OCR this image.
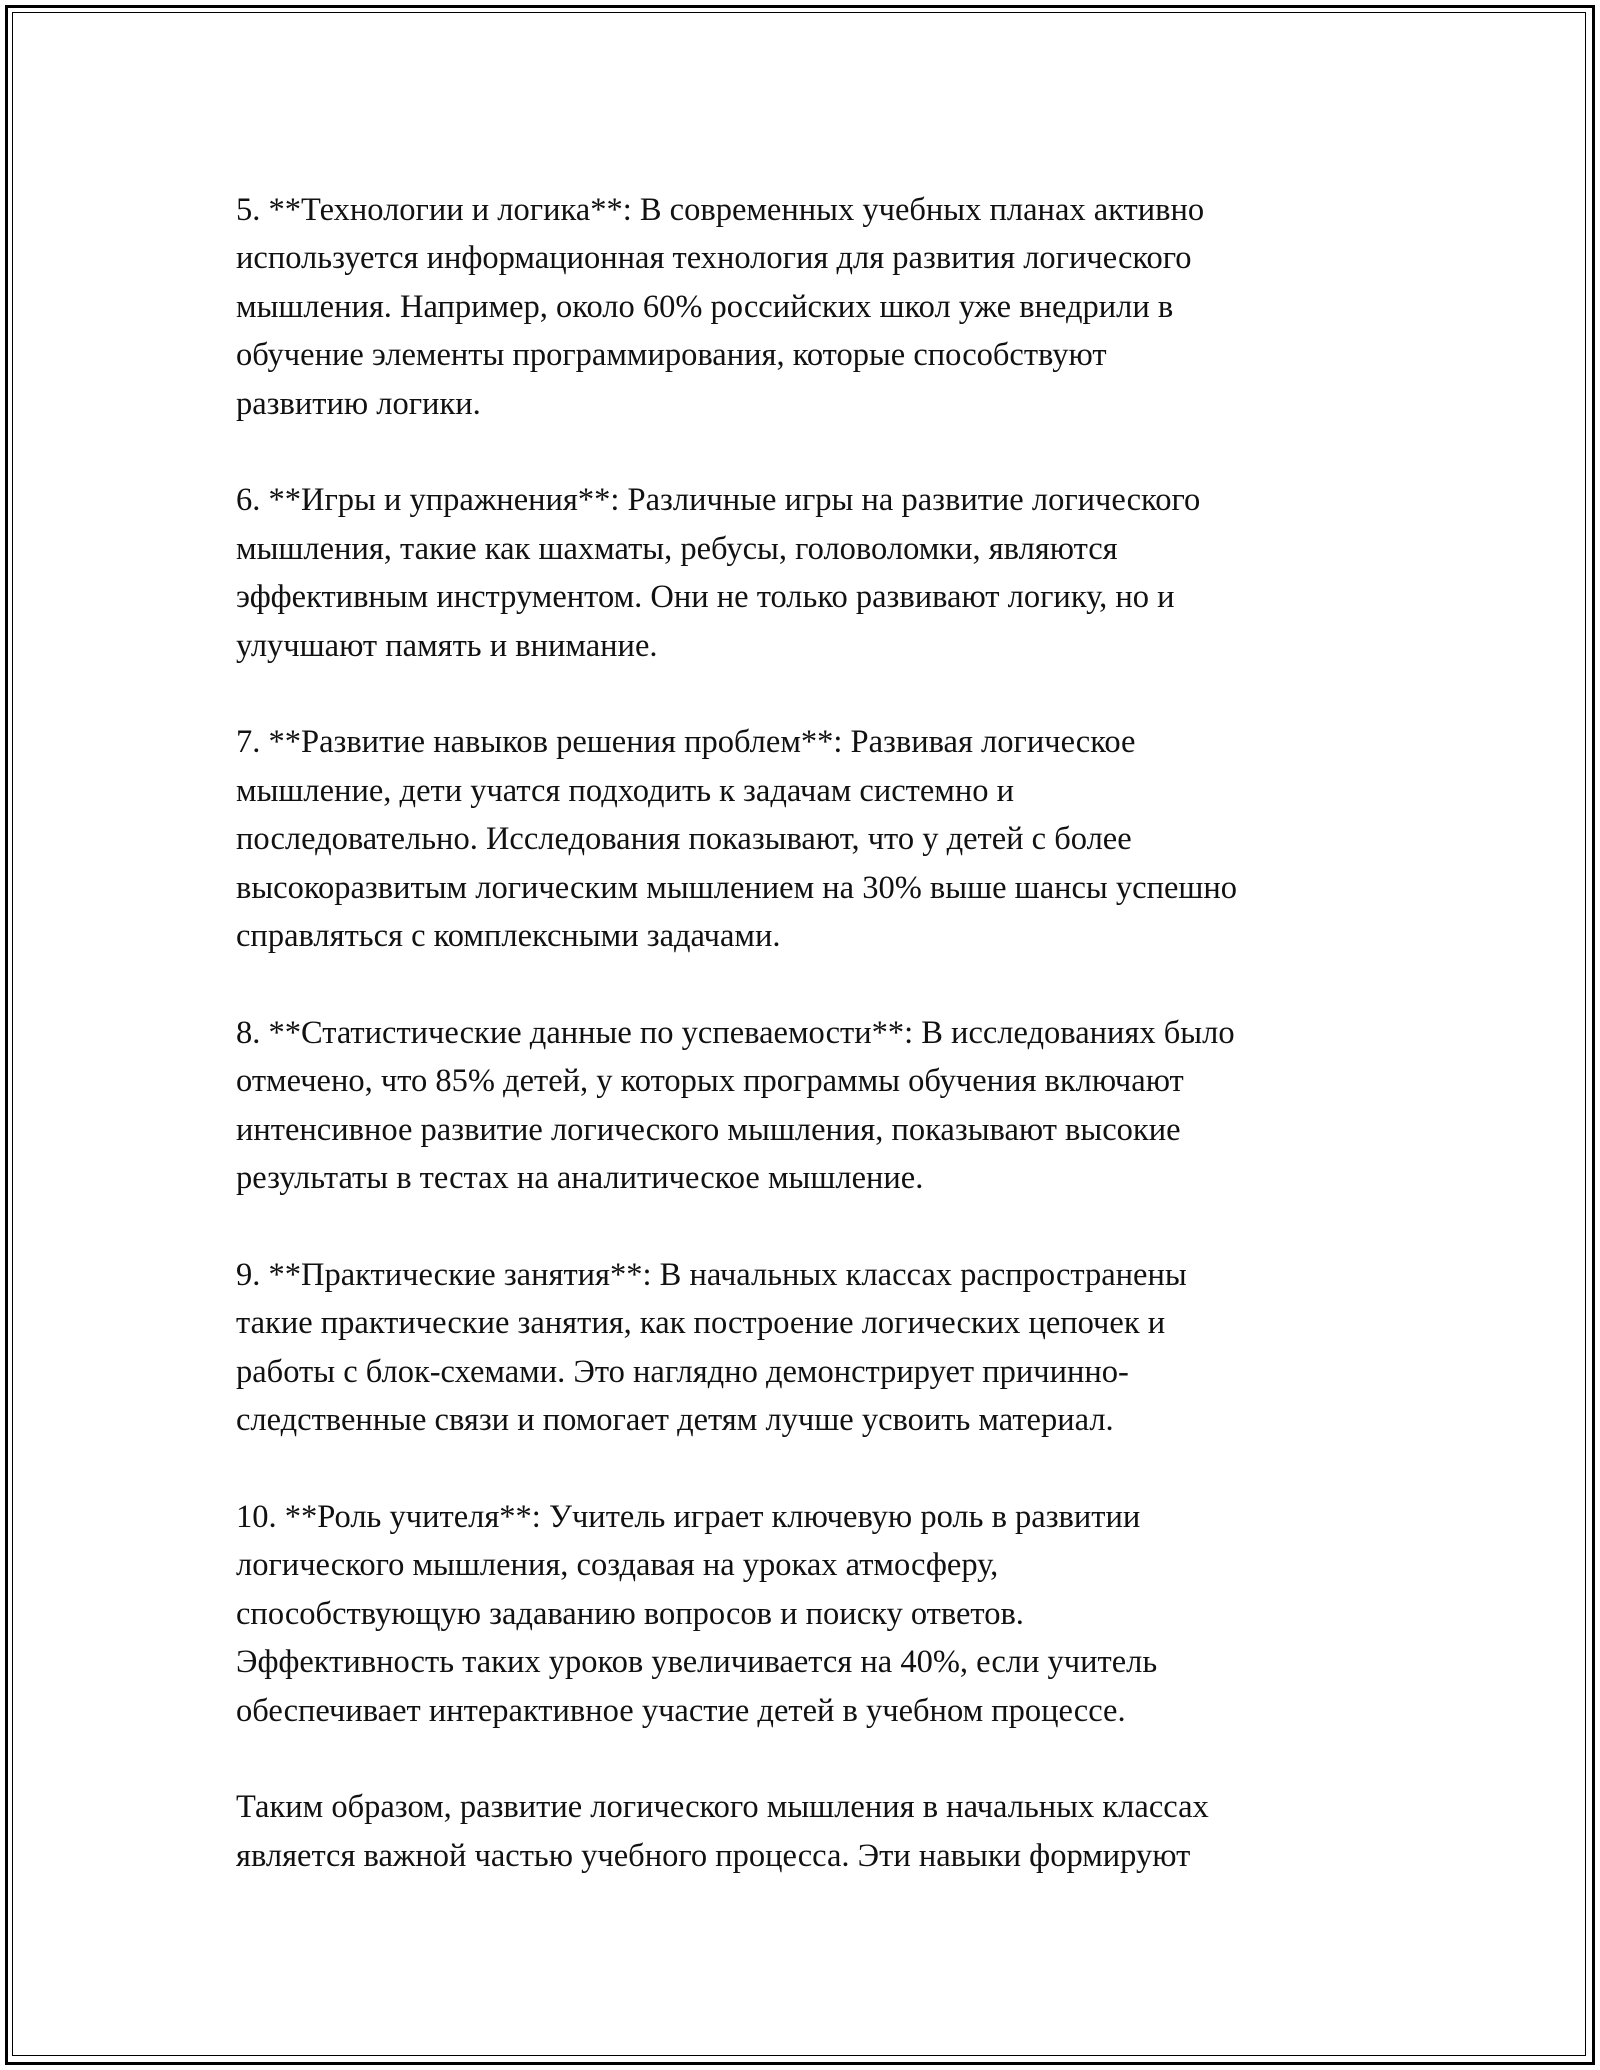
5. **Технологии и логика**: В современных учебных планах активно
используется информационная технология для развития логического
мышления. Например, около 60% российских школ уже внедрили в
обучение элементы программирования, которые способствуют
развитию логики.

6. **Игры и упражнения**: Различные игры на развитие логического
мышления, такие как шахматы, ребусы, головоломки, являются
эффективным инструментом. Они не только развивают логику, но и
улучшают память и внимание.

7. **Развитие навыков решения проблем**: Развивая логическое
мышление, дети учатся подходить к задачам системно и
последовательно. Исследования показывают, что у детей с более
высокоразвитым логическим мышлением на 30% выше шансы успешно
справляться с комплексными задачами.

8. **Статистические данные по успеваемости**: В исследованиях было
отмечено, что 85% детей, у которых программы обучения включают
интенсивное развитие логического мышления, показывают высокие
результаты в тестах на аналитическое мышление.

9. **Практические занятия**: В начальных классах распространены
такие практические занятия, как построение логических цепочек и
работы с блок-схемами. Это наглядно демонстрирует причинно-
следственные связи и помогает детям лучше усвоить материал.

10. **Роль учителя**: Учитель играет ключевую роль в развитии
логического мышления, создавая на уроках атмосферу,
способствующую задаванию вопросов и поиску ответов.
Эффективность таких уроков увеличивается на 40%, если учитель
обеспечивает интерактивное участие детей в учебном процессе.

Таким образом, развитие логического мышления в начальных классах
является важной частью учебного процесса. Эти навыки формируют
